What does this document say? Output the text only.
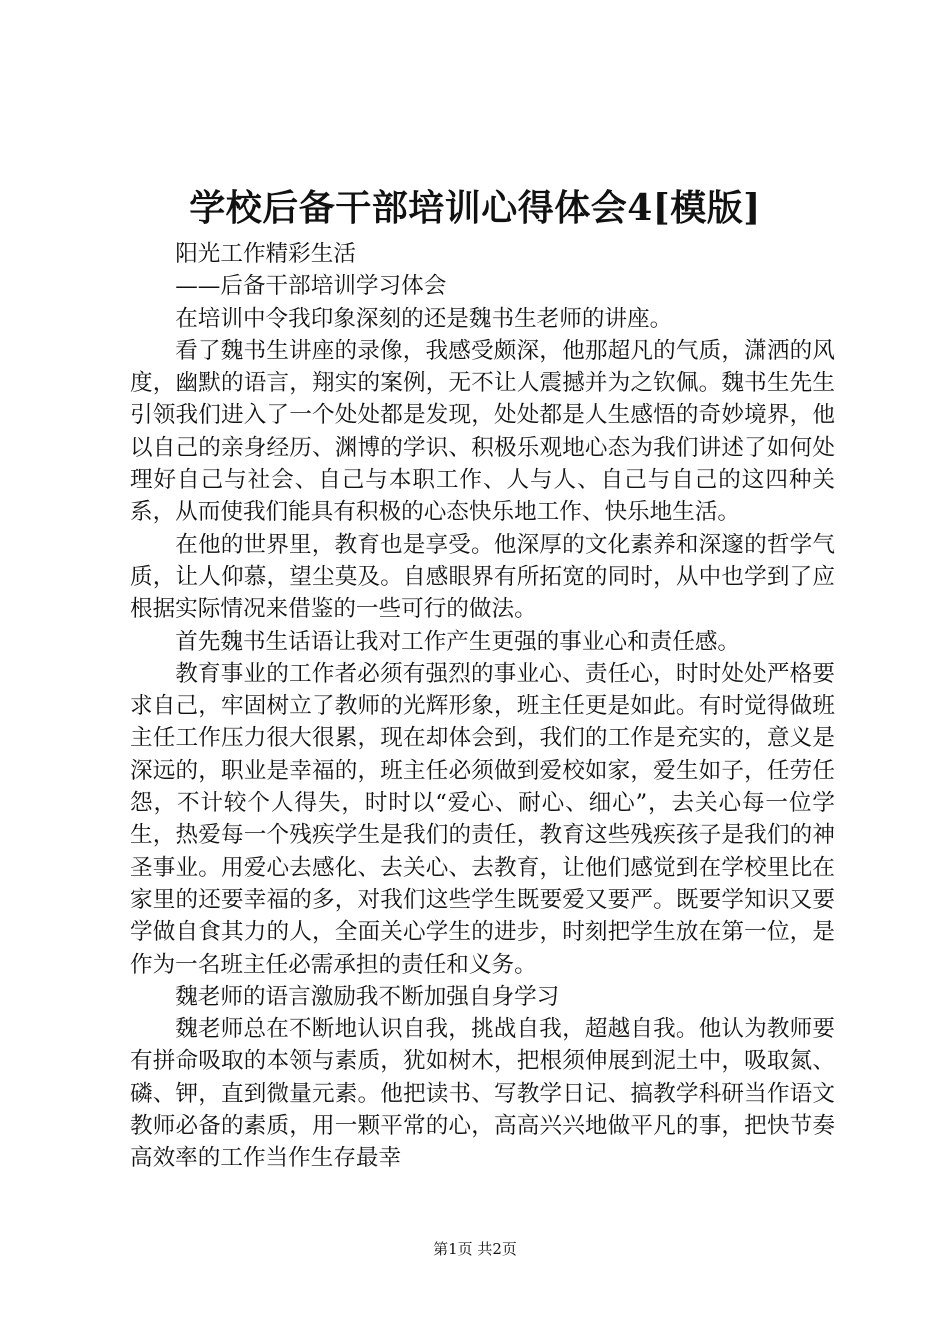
学校后备干部培训心得体会4[模版]

阳光工作精彩生活

——后备干部培训学习体会

在培训中令我印象深刻的还是魏书生老师的讲座。

看了魏书生讲座的录像，我感受颇深，他那超凡的气质，潇洒的风度，幽默的语言，翔实的案例，无不让人震撼并为之钦佩。魏书生先生引领我们进入了一个处处都是发现，处处都是人生感悟的奇妙境界，他以自己的亲身经历、渊博的学识、积极乐观地心态为我们讲述了如何处理好自己与社会、自己与本职工作、人与人、自己与自己的这四种关系，从而使我们能具有积极的心态快乐地工作、快乐地生活。

在他的世界里，教育也是享受。他深厚的文化素养和深邃的哲学气质，让人仰慕，望尘莫及。自感眼界有所拓宽的同时，从中也学到了应根据实际情况来借鉴的一些可行的做法。

首先魏书生话语让我对工作产生更强的事业心和责任感。

教育事业的工作者必须有强烈的事业心、责任心，时时处处严格要求自己，牢固树立了教师的光辉形象，班主任更是如此。有时觉得做班主任工作压力很大很累，现在却体会到，我们的工作是充实的，意义是深远的，职业是幸福的，班主任必须做到爱校如家，爱生如子，任劳任怨，不计较个人得失，时时以“爱心、耐心、细心”，去关心每一位学生，热爱每一个残疾学生是我们的责任，教育这些残疾孩子是我们的神圣事业。用爱心去感化、去关心、去教育，让他们感觉到在学校里比在家里的还要幸福的多，对我们这些学生既要爱又要严。既要学知识又要学做自食其力的人，全面关心学生的进步，时刻把学生放在第一位，是作为一名班主任必需承担的责任和义务。

魏老师的语言激励我不断加强自身学习

魏老师总在不断地认识自我，挑战自我，超越自我。他认为教师要有拼命吸取的本领与素质，犹如树木，把根须伸展到泥土中，吸取氮、磷、钾，直到微量元素。他把读书、写教学日记、搞教学科研当作语文教师必备的素质，用一颗平常的心，高高兴兴地做平凡的事，把快节奏高效率的工作当作生存最幸

第1页 共2页
